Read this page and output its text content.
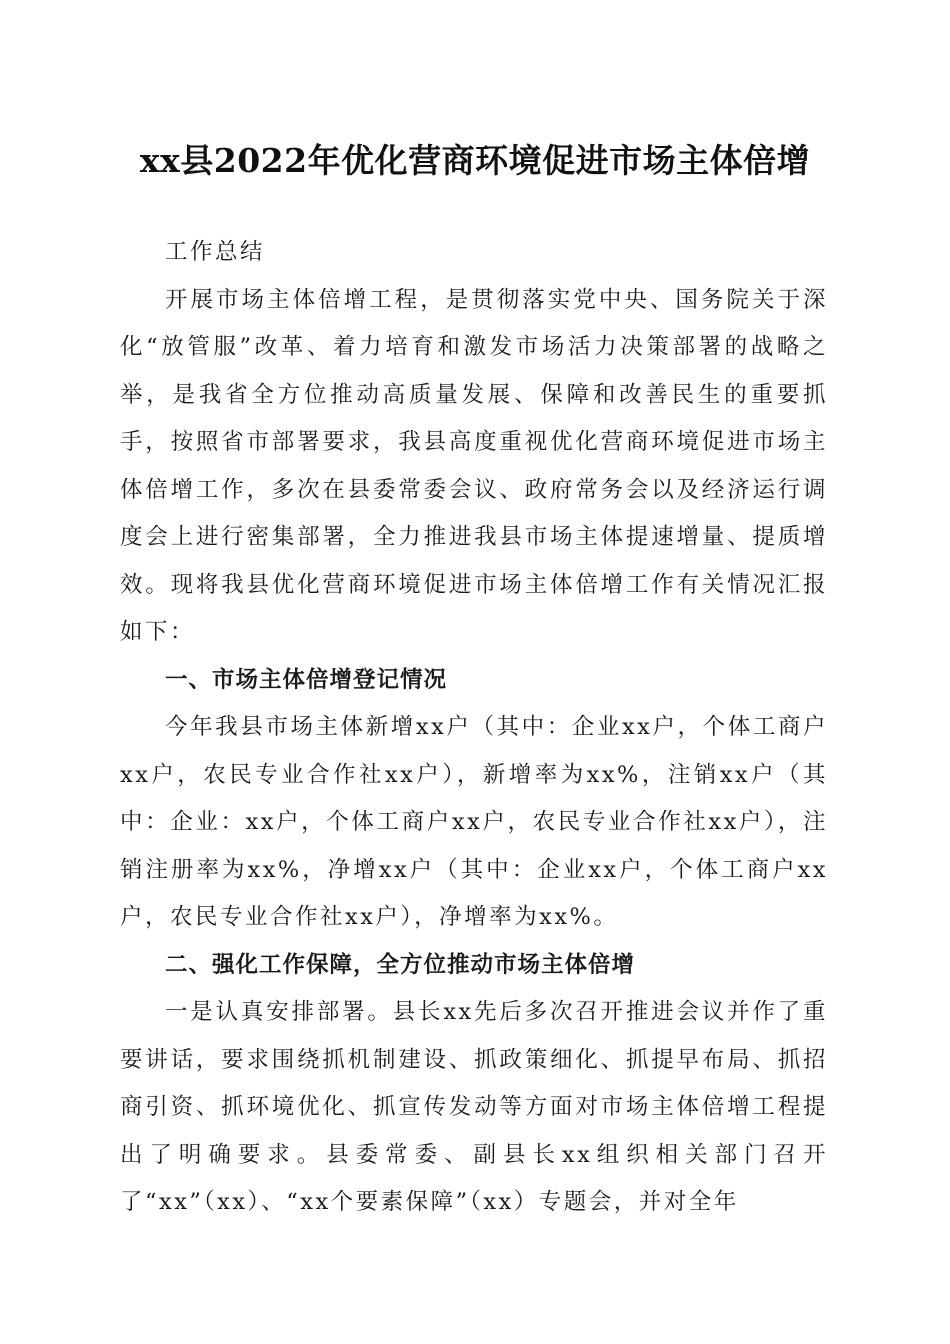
xx县2022年优化营商环境促进市场主体倍增

工作总结

开展市场主体倍增工程，是贯彻落实党中央、国务院关于深化“放管服”改革、着力培育和激发市场活力决策部署的战略之举，是我省全方位推动高质量发展、保障和改善民生的重要抓手，按照省市部署要求，我县高度重视优化营商环境促进市场主体倍增工作，多次在县委常委会议、政府常务会以及经济运行调度会上进行密集部署，全力推进我县市场主体提速增量、提质增效。现将我县优化营商环境促进市场主体倍增工作有关情况汇报如下：

一、市场主体倍增登记情况

今年我县市场主体新增xx户（其中：企业xx户，个体工商户xx户，农民专业合作社xx户），新增率为xx%，注销xx户（其中：企业：xx户，个体工商户xx户，农民专业合作社xx户），注销注册率为xx%，净增xx户（其中：企业xx户，个体工商户xx户，农民专业合作社xx户），净增率为xx%。

二、强化工作保障，全方位推动市场主体倍增

一是认真安排部署。县长xx先后多次召开推进会议并作了重要讲话，要求围绕抓机制建设、抓政策细化、抓提早布局、抓招商引资、抓环境优化、抓宣传发动等方面对市场主体倍增工程提出了明确要求。县委常委、副县长xx组织相关部门召开了“xx”（xx）、“xx个要素保障”（xx）专题会，并对全年
